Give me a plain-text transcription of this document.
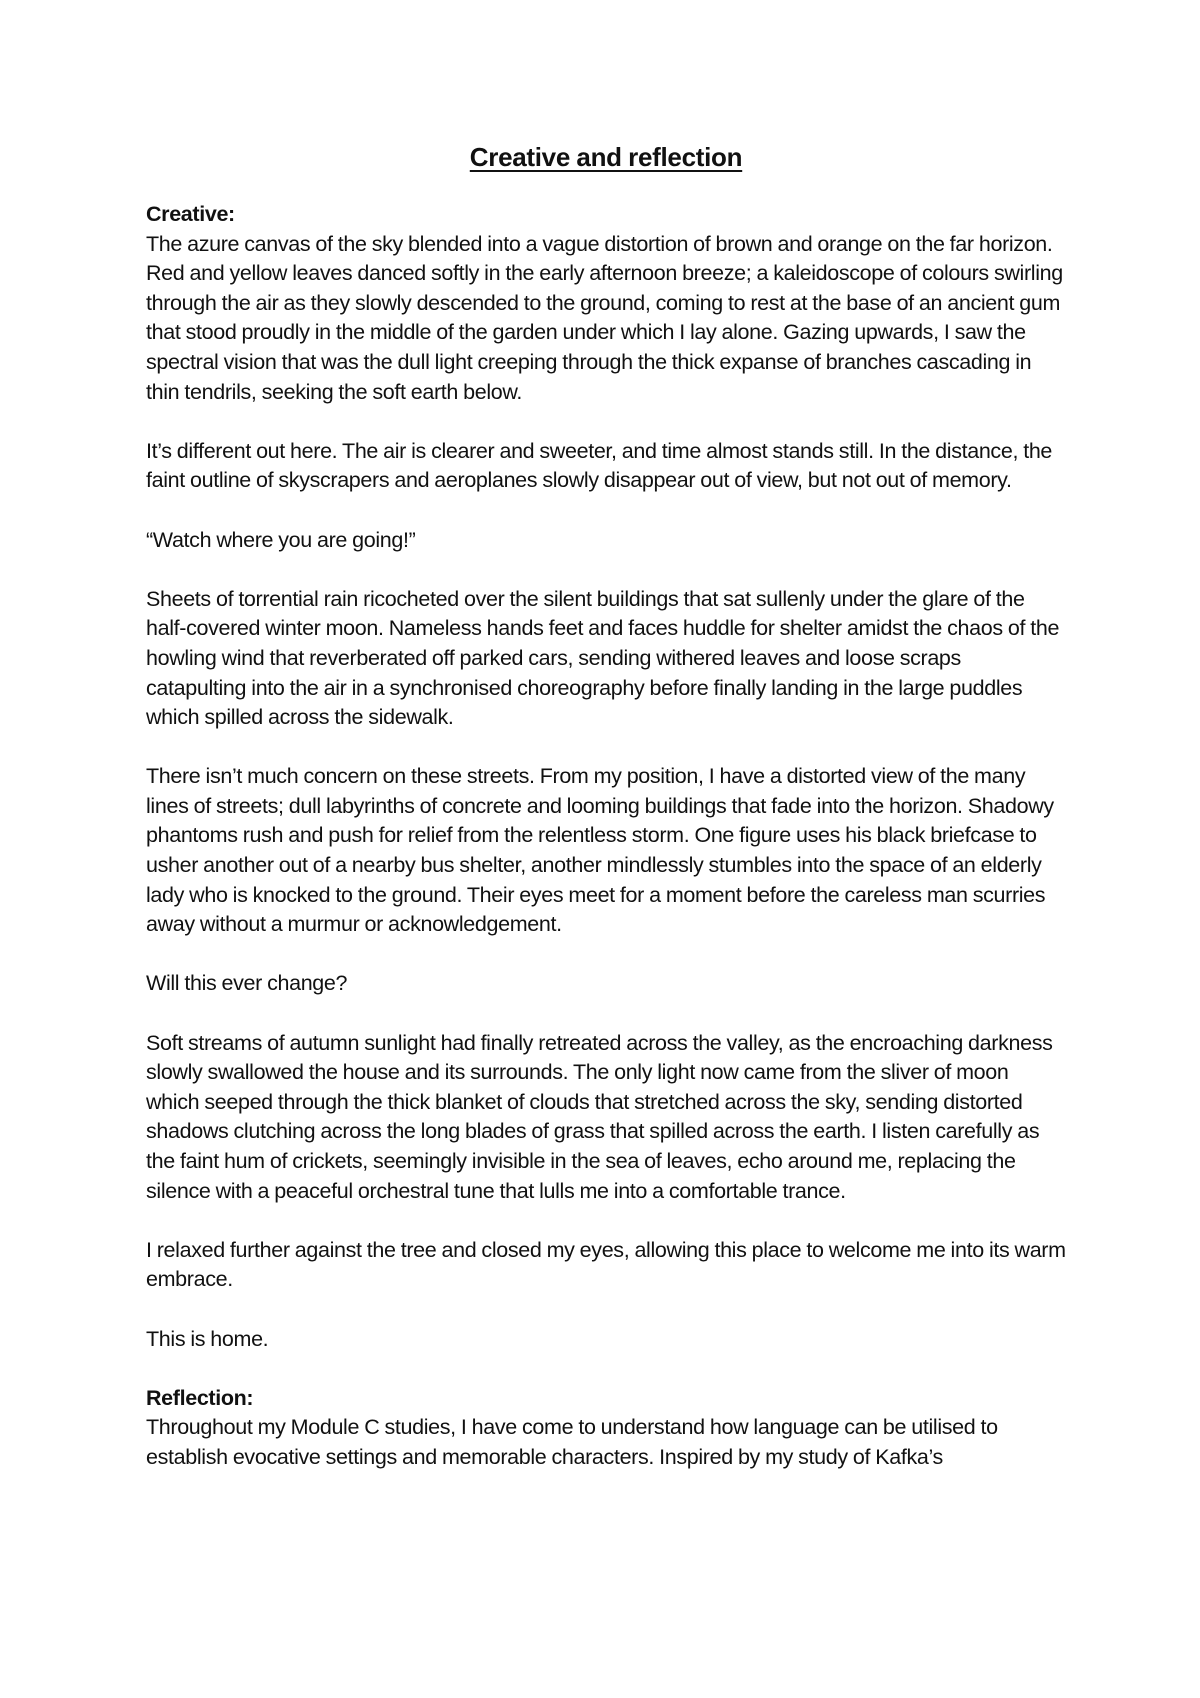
Creative and reflection

Creative:

The azure canvas of the sky blended into a vague distortion of brown and orange on the far horizon. Red and yellow leaves danced softly in the early afternoon breeze; a kaleidoscope of colours swirling through the air as they slowly descended to the ground, coming to rest at the base of an ancient gum that stood proudly in the middle of the garden under which I lay alone. Gazing upwards, I saw the spectral vision that was the dull light creeping through the thick expanse of branches cascading in thin tendrils, seeking the soft earth below.

It’s different out here. The air is clearer and sweeter, and time almost stands still. In the distance, the faint outline of skyscrapers and aeroplanes slowly disappear out of view, but not out of memory.

“Watch where you are going!”

Sheets of torrential rain ricocheted over the silent buildings that sat sullenly under the glare of the half-covered winter moon. Nameless hands feet and faces huddle for shelter amidst the chaos of the howling wind that reverberated off parked cars, sending withered leaves and loose scraps catapulting into the air in a synchronised choreography before finally landing in the large puddles which spilled across the sidewalk.

There isn’t much concern on these streets. From my position, I have a distorted view of the many lines of streets; dull labyrinths of concrete and looming buildings that fade into the horizon. Shadowy phantoms rush and push for relief from the relentless storm. One figure uses his black briefcase to usher another out of a nearby bus shelter, another mindlessly stumbles into the space of an elderly lady who is knocked to the ground. Their eyes meet for a moment before the careless man scurries away without a murmur or acknowledgement.

Will this ever change?

Soft streams of autumn sunlight had finally retreated across the valley, as the encroaching darkness slowly swallowed the house and its surrounds. The only light now came from the sliver of moon which seeped through the thick blanket of clouds that stretched across the sky, sending distorted shadows clutching across the long blades of grass that spilled across the earth. I listen carefully as the faint hum of crickets, seemingly invisible in the sea of leaves, echo around me, replacing the silence with a peaceful orchestral tune that lulls me into a comfortable trance.

I relaxed further against the tree and closed my eyes, allowing this place to welcome me into its warm embrace.

This is home.

Reflection:

Throughout my Module C studies, I have come to understand how language can be utilised to establish evocative settings and memorable characters. Inspired by my study of Kafka’s
